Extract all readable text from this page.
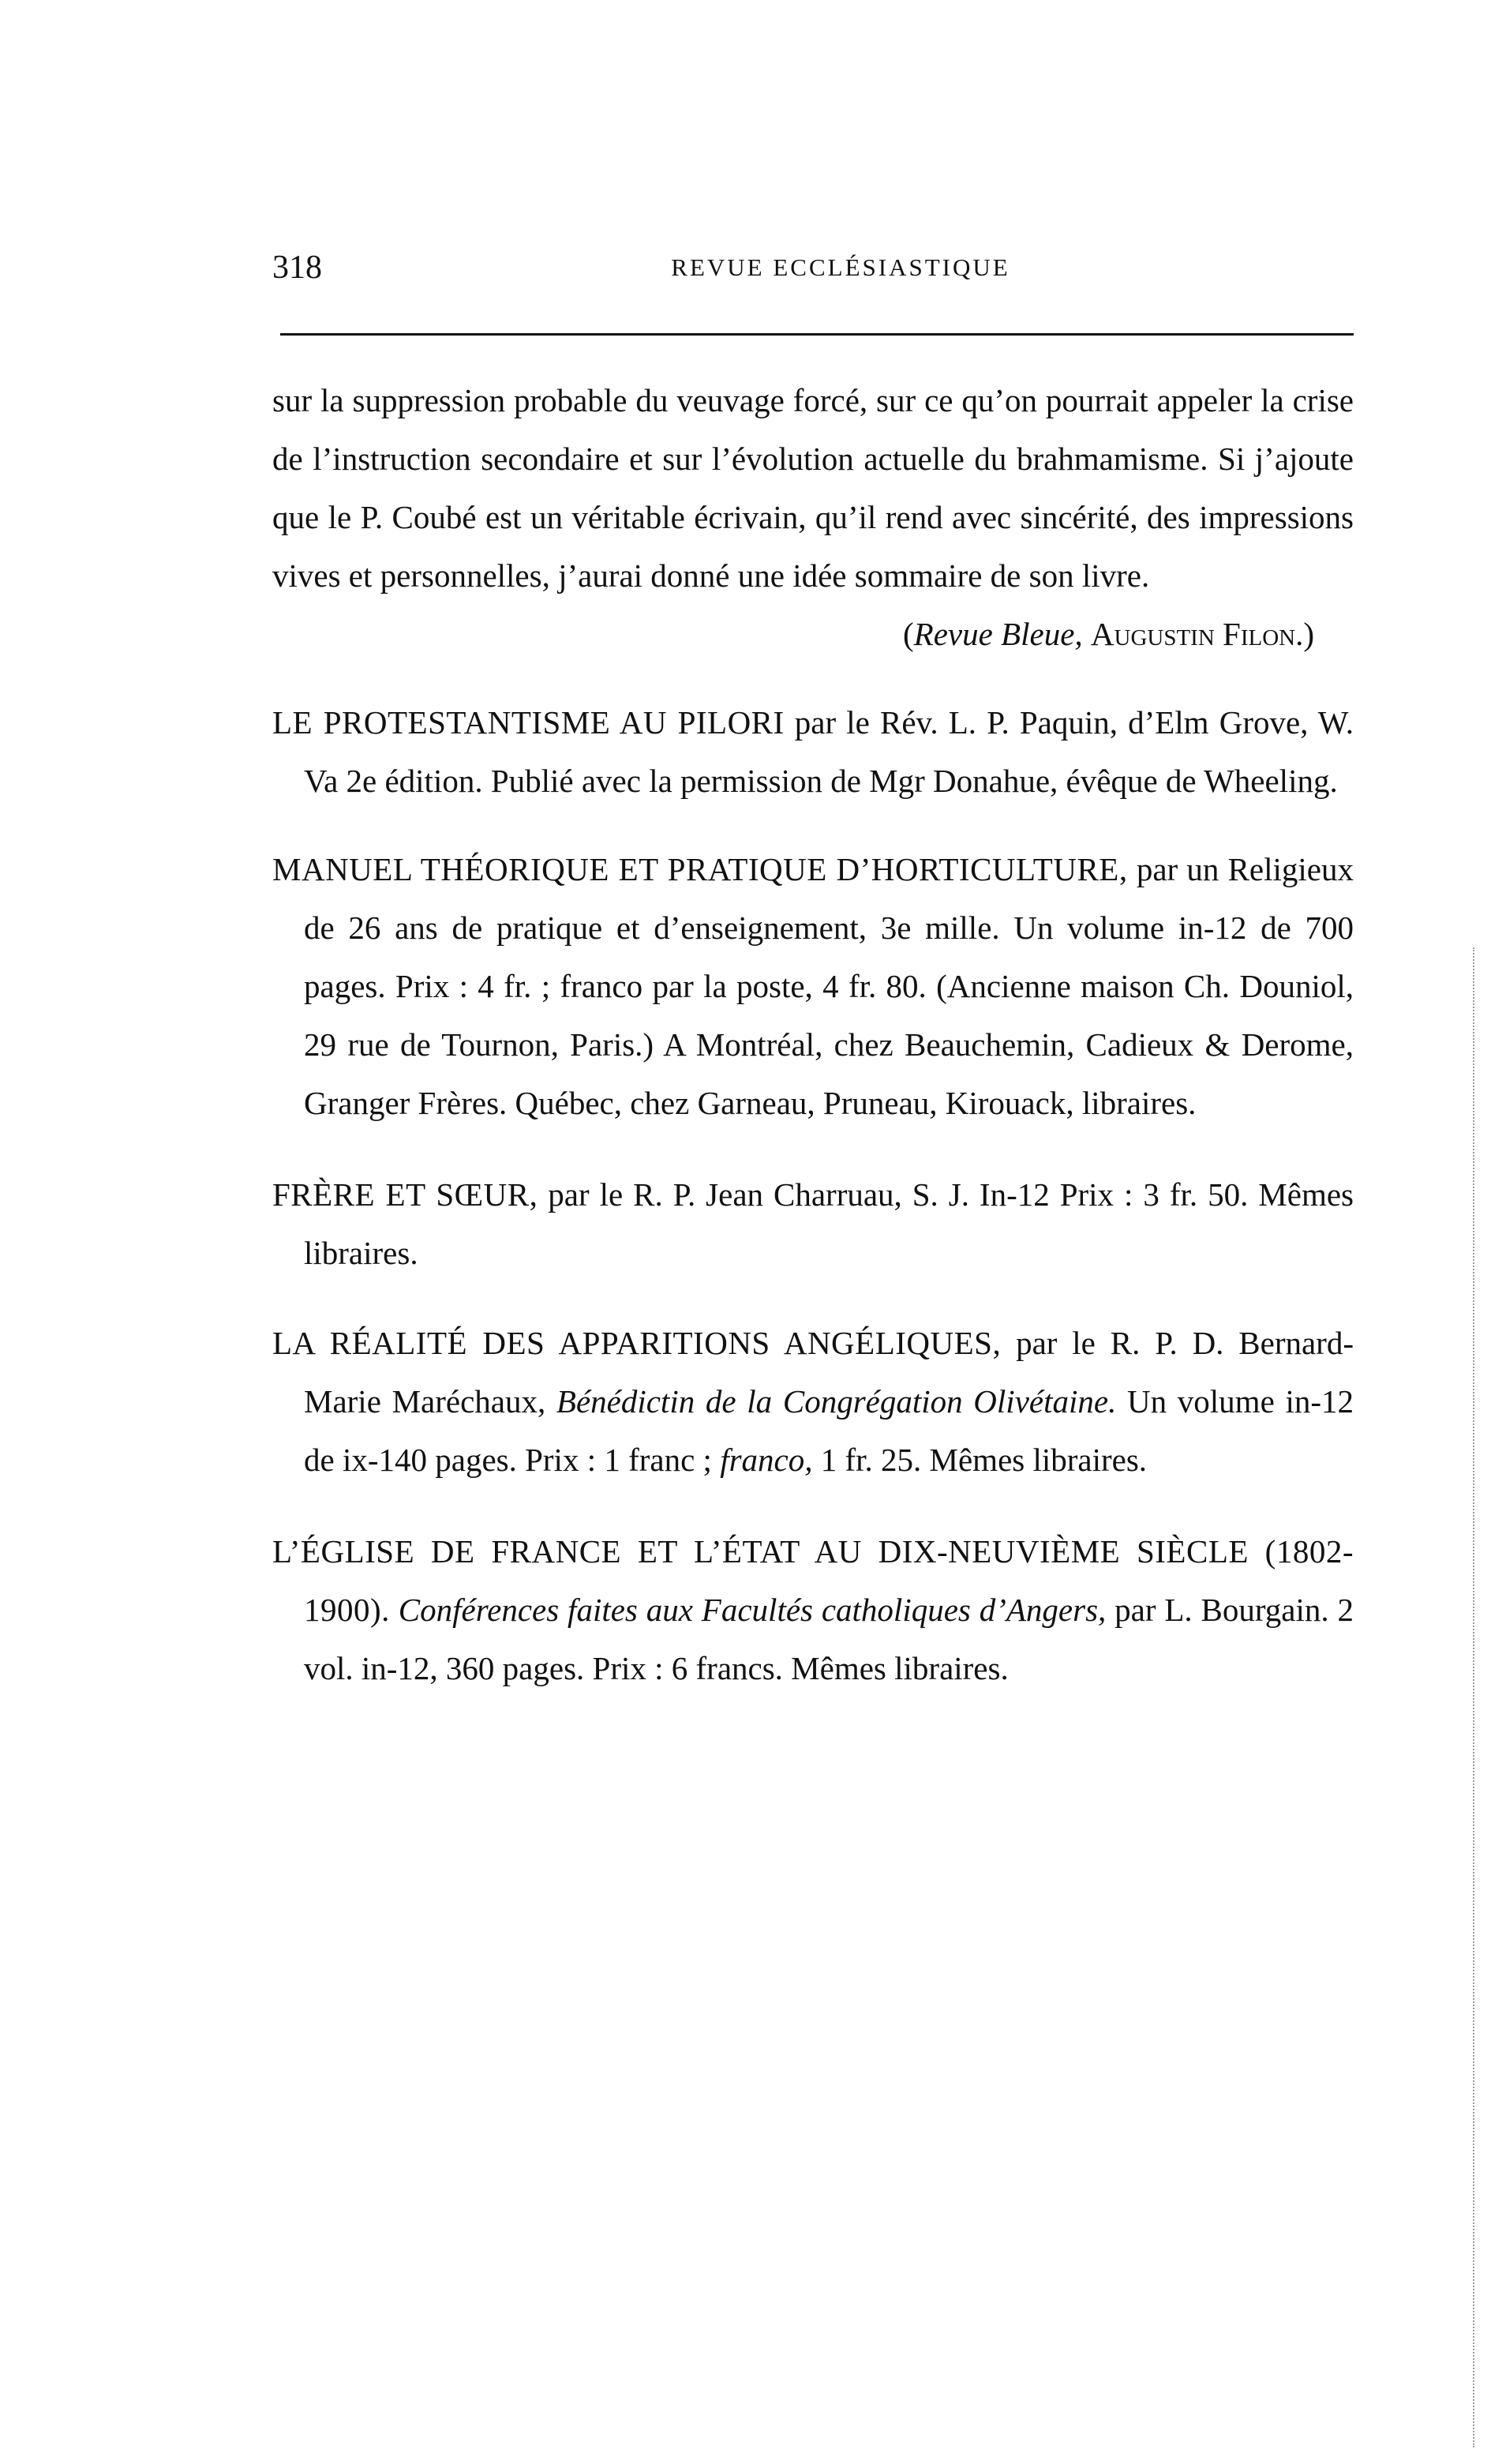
318	REVUE ECCLÉSIASTIQUE

sur la suppression probable du veuvage forcé, sur ce qu’on pourrait appeler la crise de l’instruction secondaire et sur l’évolution actuelle du brahmamisme. Si j’ajoute que le P. Coubé est un véritable écrivain, qu’il rend avec sincérité, des impressions vives et personnelles, j’aurai donné une idée sommaire de son livre.

(Revue Bleue, Augustin Filon.)

LE PROTESTANTISME AU PILORI par le Rév. L. P. Paquin, d’Elm Grove, W. Va 2e édition. Publié avec la permission de Mgr Donahue, évêque de Wheeling.

MANUEL THÉORIQUE ET PRATIQUE D’HORTICULTURE, par un Religieux de 26 ans de pratique et d’enseignement, 3e mille. Un volume in-12 de 700 pages. Prix : 4 fr. ; franco par la poste, 4 fr. 80. (Ancienne maison Ch. Douniol, 29 rue de Tournon, Paris.) A Montréal, chez Beauchemin, Cadieux & Derome, Granger Frères. Québec, chez Garneau, Pruneau, Kirouack, libraires.

FRÈRE ET SŒUR, par le R. P. Jean Charruau, S. J. In-12 Prix : 3 fr. 50. Mêmes libraires.

LA RÉALITÉ DES APPARITIONS ANGÉLIQUES, par le R. P. D. Bernard-Marie Maréchaux, Bénédictin de la Congrégation Olivétaine. Un volume in-12 de ix-140 pages. Prix : 1 franc ; franco, 1 fr. 25. Mêmes libraires.

L’ÉGLISE DE FRANCE ET L’ÉTAT AU DIX-NEUVIÈME SIÈCLE (1802-1900). Conférences faites aux Facultés catholiques d’Angers, par L. Bourgain. 2 vol. in-12, 360 pages. Prix : 6 francs. Mêmes libraires.
